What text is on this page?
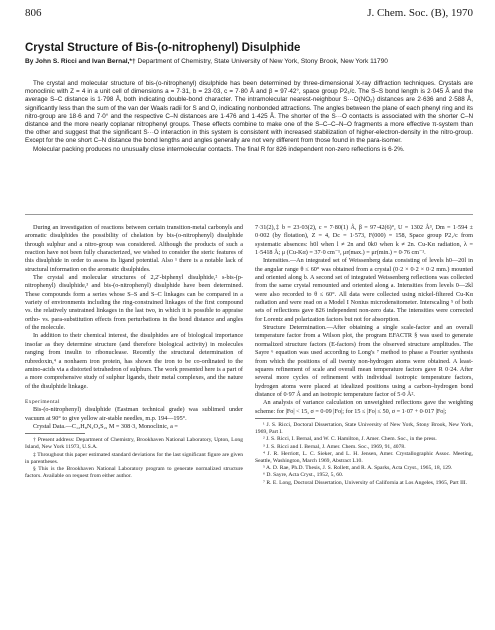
806	J. Chem. Soc. (B), 1970
Crystal Structure of Bis-(o-nitrophenyl) Disulphide

By John S. Ricci and Ivan Bernal,*† Department of Chemistry, State University of New York, Stony Brook, New York 11790

The crystal and molecular structure of bis-(o-nitrophenyl) disulphide has been determined by three-dimensional X-ray diffraction techniques. Crystals are monoclinic with Z = 4 in a unit cell of dimensions a = 7·31, b = 23·03, c = 7·80 Å and β = 97·42°, space group P2₁/c. The S–S bond length is 2·045 Å and the average S–C distance is 1·798 Å, both indicating double-bond character. The intramolecular nearest-neighbour S···O(NO₂) distances are 2·636 and 2·588 Å, significantly less than the sum of the van der Waals radii for S and O, indicating nonbonded attractions. The angles between the plane of each phenyl ring and its nitro-group are 18·6 and 7·0° and the respective C–N distances are 1·476 and 1·425 Å. The shorter of the S···O contacts is associated with the shorter C–N distance and the more nearly coplanar nitrophenyl groups. These effects combine to make one of the S–C–C–N–O fragments a more effective π-system than the other and suggest that the significant S···O interaction in this system is consistent with increased stabilization of higher-electron-density in the nitro-group. Except for the one short C–N distance the bond lengths and angles generally are not very different from those found in the para-isomer.

Molecular packing produces no unusually close intermolecular contacts. The final R for 826 independent non-zero reflections is 6·2%.

During an investigation of reactions between certain transition-metal carbonyls and aromatic disulphides the possibility of chelation by bis-(o-nitrophenyl) disulphide through sulphur and a nitro-group was considered. Although the products of such a reaction have not been fully characterized, we wished to consider the steric features of this disulphide in order to assess its ligand potential. Also ¹ there is a notable lack of structural information on the aromatic disulphides.

The crystal and molecular structures of 2,2′-biphenyl disulphide,² s-bis-(p-nitrophenyl) disulphide,³ and bis-(o-nitrophenyl) disulphide have been determined. These compounds form a series whose S–S and S–C linkages can be compared in a variety of environments including the ring-constrained linkages of the first compound vs. the relatively unstrained linkages in the last two, in which it is possible to appraise ortho- vs. para-substitution effects from perturbations in the bond distance and angles of the molecule.

In addition to their chemical interest, the disulphides are of biological importance insofar as they determine structure (and therefore biological activity) in molecules ranging from insulin to ribonuclease. Recently the structural determination of rubredoxin,⁴ a nonhaem iron protein, has shown the iron to be co-ordinated to the amino-acids via a distorted tetrahedron of sulphurs. The work presented here is a part of a more comprehensive study of sulphur ligands, their metal complexes, and the nature of the disulphide linkage.

Experimental

Bis-(o-nitrophenyl) disulphide (Eastman technical grade) was sublimed under vacuum at 90° to give yellow air-stable needles, m.p. 194—195°.

Crystal Data.—C₁₂H₈N₂O₄S₂, M = 308·3, Monoclinic, a =

† Present address: Department of Chemistry, Brookhaven National Laboratory, Upton, Long Island, New York 11973, U.S.A.

‡ Throughout this paper estimated standard deviations for the last significant figure are given in parentheses.

§ This is the Brookhaven National Laboratory program to generate normalized structure factors. Available on request from either author.

7·31(2),‡ b = 23·03(2), c = 7·80(1) Å, β = 97·42(6)°, U = 1302 Å³, Dm = 1·594 ± 0·002 (by flotation), Z = 4, Dc = 1·573, F(000) = 158, Space group P2₁/c from systematic absences: h0l when l ≠ 2n and 0k0 when k ≠ 2n. Cu-Kα radiation, λ = 1·5418 Å; μ (Cu-Kα) = 37·0 cm⁻¹, μr(max.) = μr(min.) = 0·76 cm⁻¹.

Intensities.—An integrated set of Weissenberg data consisting of levels h0—20l in the angular range θ ≤ 60° was obtained from a crystal (0·2 × 0·2 × 0·2 mm.) mounted and oriented along b. A second set of integrated Weissenberg reflections was collected from the same crystal remounted and oriented along a. Intensities from levels 0—2kl were also recorded to θ ≤ 60°. All data were collected using nickel-filtered Cu-Kα radiation and were read on a Model I Nonius microdensitometer. Interscaling ⁵ of both sets of reflections gave 826 independent non-zero data. The intensities were corrected for Lorentz and polarization factors but not for absorption.

Structure Determination.—After obtaining a single scale-factor and an overall temperature factor from a Wilson plot, the program EFACTR § was used to generate normalized structure factors (E-factors) from the observed structure amplitudes. The Sayre ⁶ equation was used according to Long's ⁷ method to phase a Fourier synthesis from which the positions of all twenty non-hydrogen atoms were obtained. A least-squares refinement of scale and overall mean temperature factors gave R 0·24. After several more cycles of refinement with individual isotropic temperature factors, hydrogen atoms were placed at idealized positions using a carbon–hydrogen bond distance of 0·97 Å and an isotropic temperature factor of 5·0 Å².

An analysis of variance calculation on unweighted reflections gave the weighting scheme: for |Fo| < 15, σ = 0·09 |Fo|; for 15 ≤ |Fo| ≤ 50, σ = 1·07 + 0·017 |Fo|;

¹ J. S. Ricci, Doctoral Dissertation, State University of New York, Stony Brook, New York, 1969, Part I.

² J. S. Ricci, I. Bernal, and W. C. Hamilton, J. Amer. Chem. Soc., in the press.

³ J. S. Ricci and I. Bernal, J. Amer. Chem. Soc., 1969, 91, 4078.

⁴ J. R. Herriott, L. C. Sieker, and L. H. Jensen, Amer. Crystallographic Assoc. Meeting, Seattle, Washington, March 1969, Abstract L10.

⁵ A. D. Rae, Ph.D. Thesis, J. S. Rollett, and R. A. Sparks, Acta Cryst., 1965, 18, 129.

⁶ D. Sayre, Acta Cryst., 1952, 5, 60.

⁷ R. E. Long, Doctoral Dissertation, University of California at Los Angeles, 1965, Part III.
